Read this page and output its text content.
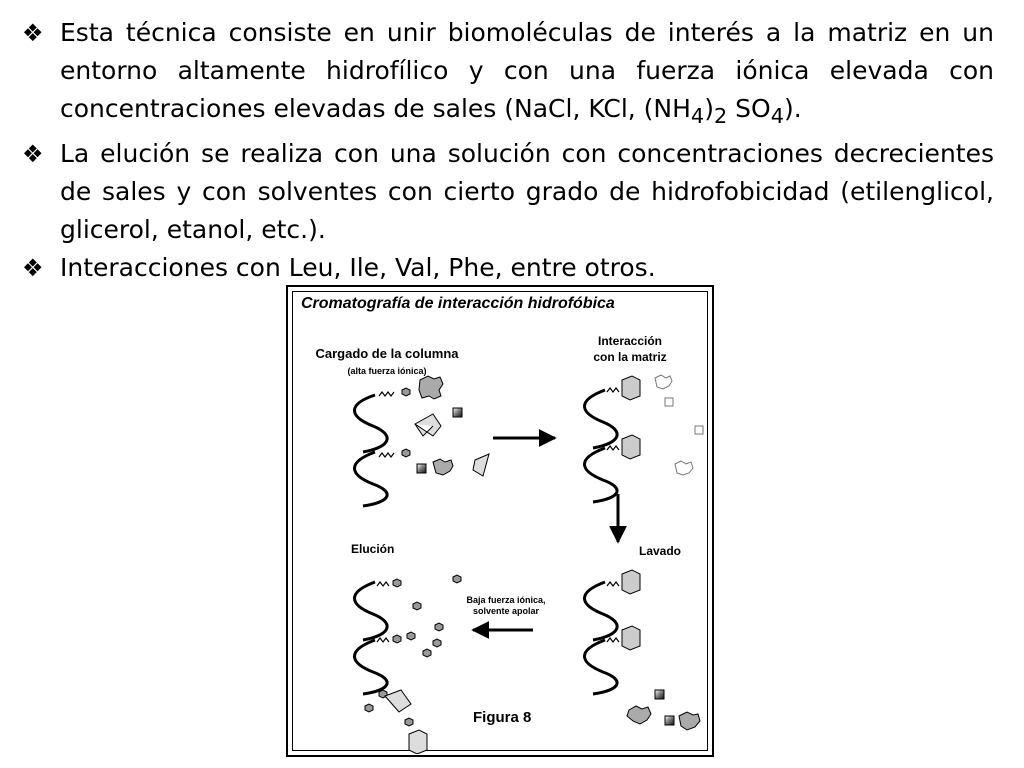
❖ Esta técnica consiste en unir biomoléculas de interés a la matriz en un entorno altamente hidrofílico y con una fuerza iónica elevada con concentraciones elevadas de sales (NaCl, KCl, $(NH_4)_2$ $SO_4$).
❖ La elución se realiza con una solución con concentraciones decrecientes de sales y con solventes con cierto grado de hidrofobicidad (etilenglicol, glicerol, etanol, etc.).
❖ Interacciones con Leu, Ile, Val, Phe, entre otros.
Cromatografía de interacción hidrofóbica
Cargado de la columna
(alta fuerza iónica)
Interacción
con la matriz
Lavado
Elución
Baja fuerza iónica,
solvente apolar
Figura 8
